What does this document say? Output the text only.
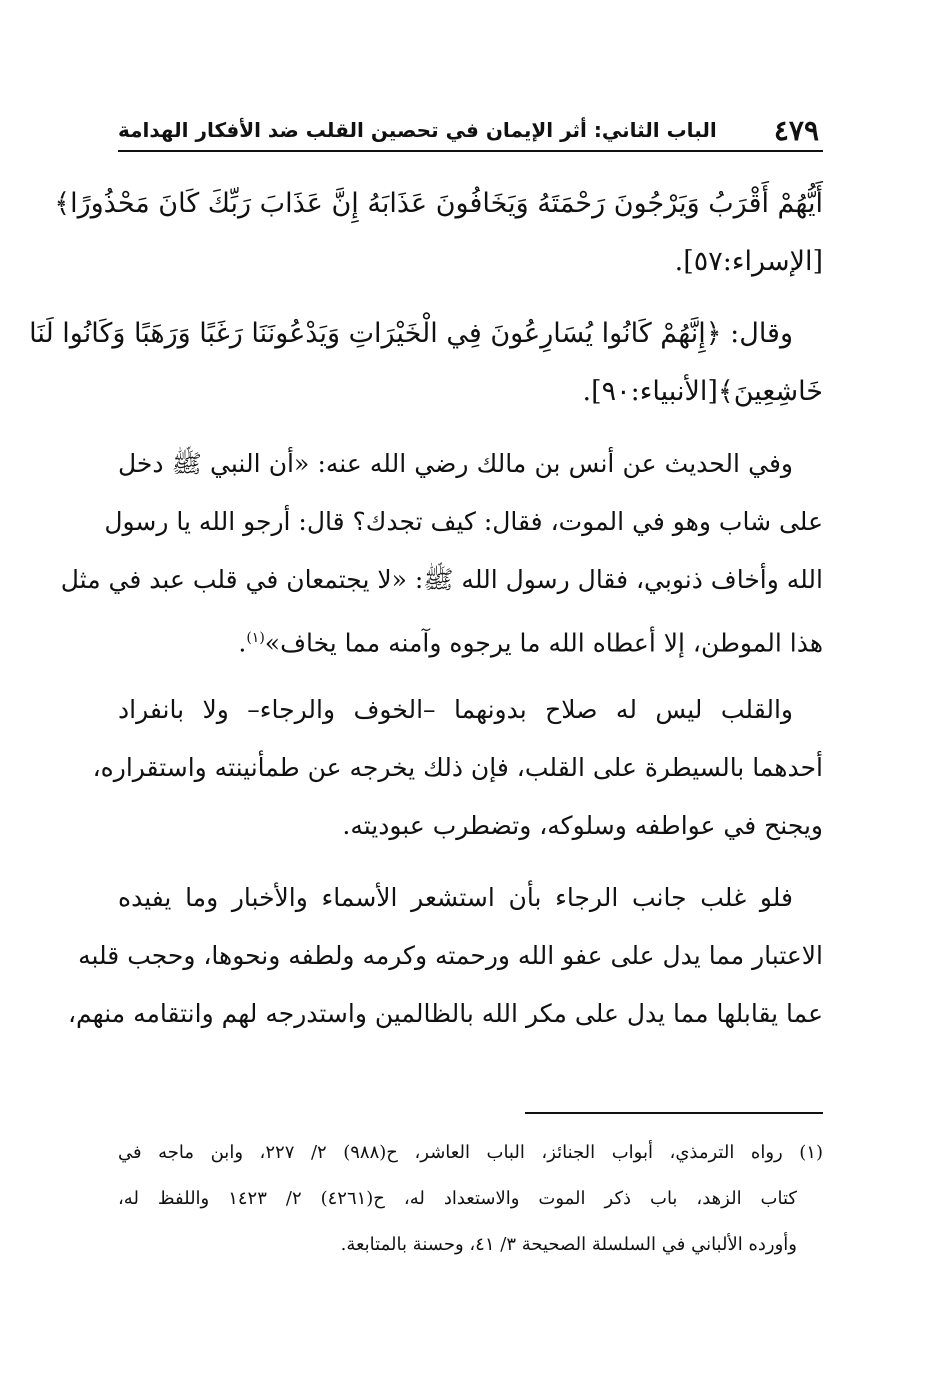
٤٧٩
الباب الثاني: أثر الإيمان في تحصين القلب ضد الأفكار الهدامة
أَيُّهُمْ أَقْرَبُ وَيَرْجُونَ رَحْمَتَهُ وَيَخَافُونَ عَذَابَهُ إِنَّ عَذَابَ رَبِّكَ كَانَ مَحْذُورًا﴾
[الإسراء:٥٧].
وقال: ﴿إِنَّهُمْ كَانُوا يُسَارِعُونَ فِي الْخَيْرَاتِ وَيَدْعُونَنَا رَغَبًا وَرَهَبًا وَكَانُوا لَنَا
خَاشِعِينَ﴾[الأنبياء:٩٠].
وفي الحديث عن أنس بن مالك رضي الله عنه: «أن النبي ﷺ دخل
على شاب وهو في الموت، فقال: كيف تجدك؟ قال: أرجو الله يا رسول
الله وأخاف ذنوبي، فقال رسول الله ﷺ: «لا يجتمعان في قلب عبد في مثل
هذا الموطن، إلا أعطاه الله ما يرجوه وآمنه مما يخاف»$^{(١)}$.
والقلب ليس له صلاح بدونهما –الخوف والرجاء– ولا بانفراد
أحدهما بالسيطرة على القلب، فإن ذلك يخرجه عن طمأنينته واستقراره،
ويجنح في عواطفه وسلوكه، وتضطرب عبوديته.
فلو غلب جانب الرجاء بأن استشعر الأسماء والأخبار وما يفيده
الاعتبار مما يدل على عفو الله ورحمته وكرمه ولطفه ونحوها، وحجب قلبه
عما يقابلها مما يدل على مكر الله بالظالمين واستدرجه لهم وانتقامه منهم،
(١) رواه الترمذي، أبواب الجنائز، الباب العاشر، ح(٩٨٨) ٢/ ٢٢٧، وابن ماجه في
كتاب الزهد، باب ذكر الموت والاستعداد له، ح(٤٢٦١) ٢/ ١٤٢٣ واللفظ له،
وأورده الألباني في السلسلة الصحيحة ٣/ ٤١، وحسنة بالمتابعة.
